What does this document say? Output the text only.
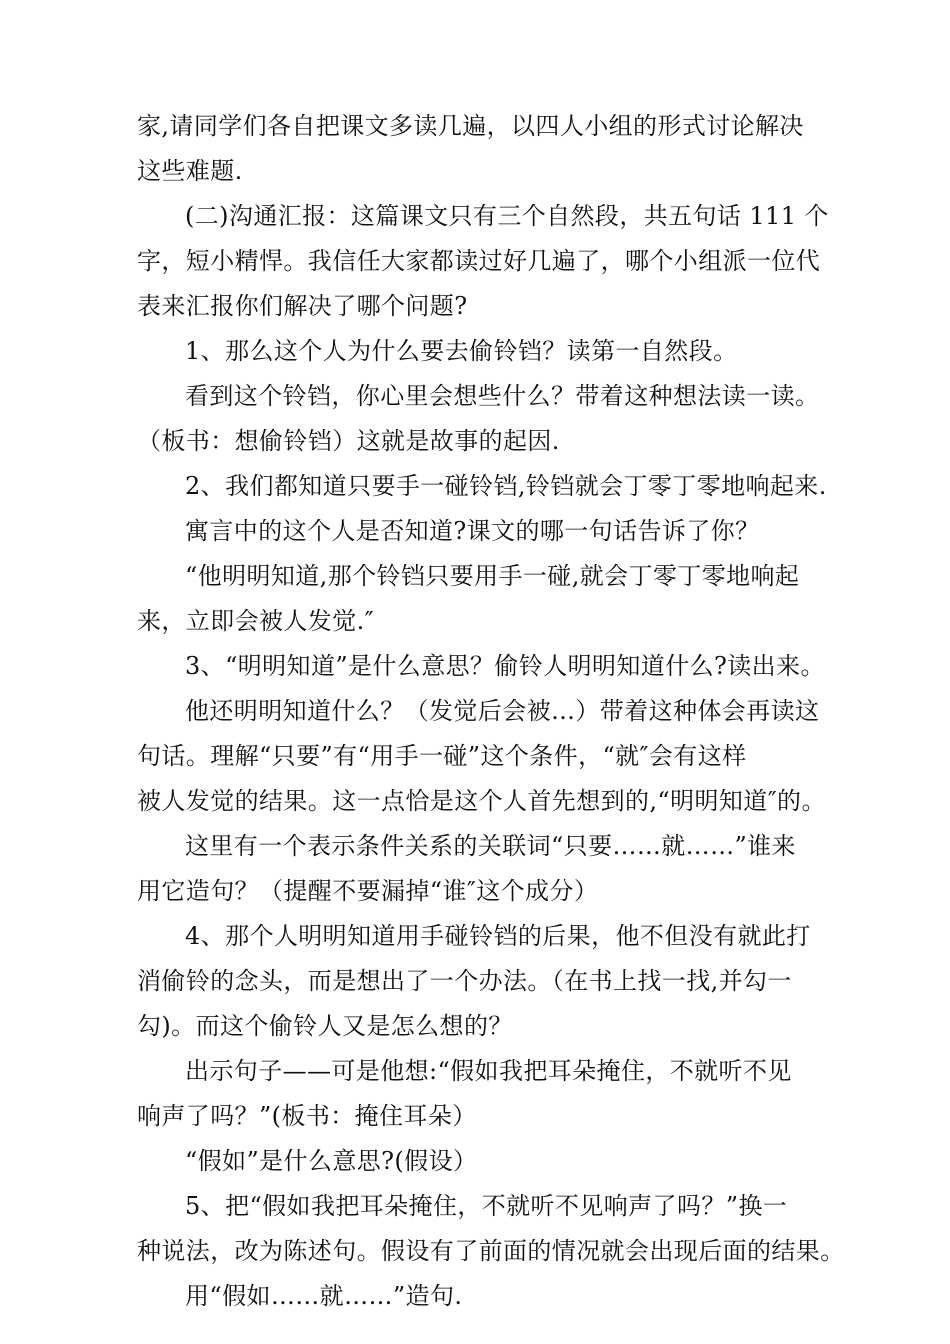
家,请同学们各自把课文多读几遍，以四人小组的形式讨论解决
这些难题.
(二)沟通汇报：这篇课文只有三个自然段，共五句话 111 个
字，短小精悍。我信任大家都读过好几遍了，哪个小组派一位代
表来汇报你们解决了哪个问题?
1、那么这个人为什么要去偷铃铛？读第一自然段。
看到这个铃铛，你心里会想些什么？带着这种想法读一读。
（板书：想偷铃铛）这就是故事的起因.
2、我们都知道只要手一碰铃铛,铃铛就会丁零丁零地响起来.
寓言中的这个人是否知道?课文的哪一句话告诉了你？
“他明明知道,那个铃铛只要用手一碰,就会丁零丁零地响起
来，立即会被人发觉.″
3、“明明知道”是什么意思？偷铃人明明知道什么?读出来。
他还明明知道什么？（发觉后会被…）带着这种体会再读这
句话。理解“只要”有“用手一碰”这个条件，“就″会有这样
被人发觉的结果。这一点恰是这个人首先想到的,“明明知道″的。
这里有一个表示条件关系的关联词“只要……就……”谁来
用它造句？（提醒不要漏掉“谁″这个成分）
4、那个人明明知道用手碰铃铛的后果，他不但没有就此打
消偷铃的念头，而是想出了一个办法。（在书上找一找,并勾一
勾)。而这个偷铃人又是怎么想的？
出示句子——可是他想:“假如我把耳朵掩住，不就听不见
响声了吗？”(板书：掩住耳朵）
“假如”是什么意思?(假设）
5、把“假如我把耳朵掩住，不就听不见响声了吗？”换一
种说法，改为陈述句。假设有了前面的情况就会出现后面的结果。
用“假如……就……”造句.
